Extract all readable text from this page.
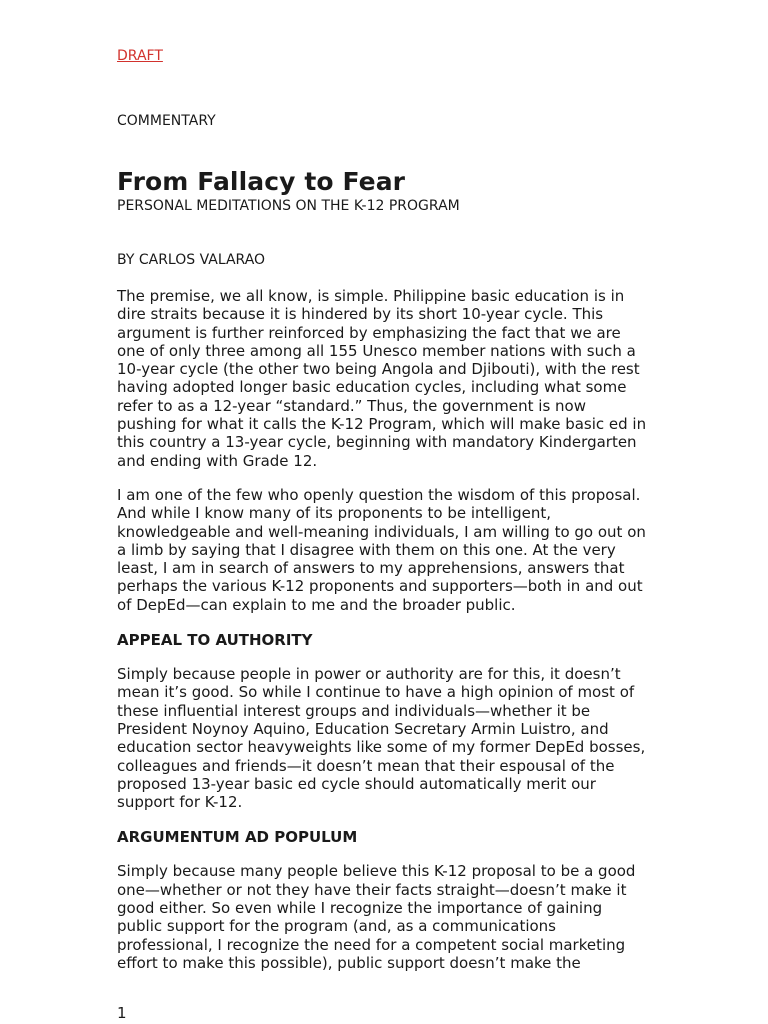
DRAFT
COMMENTARY
From Fallacy to Fear
PERSONAL MEDITATIONS ON THE K-12 PROGRAM
BY CARLOS VALARAO

The premise, we all know, is simple. Philippine basic education is in dire straits because it is hindered by its short 10-year cycle. This argument is further reinforced by emphasizing the fact that we are one of only three among all 155 Unesco member nations with such a 10-year cycle (the other two being Angola and Djibouti), with the rest having adopted longer basic education cycles, including what some refer to as a 12-year “standard.” Thus, the government is now pushing for what it calls the K-12 Program, which will make basic ed in this country a 13-year cycle, beginning with mandatory Kindergarten and ending with Grade 12.

I am one of the few who openly question the wisdom of this proposal. And while I know many of its proponents to be intelligent, knowledgeable and well-meaning individuals, I am willing to go out on a limb by saying that I disagree with them on this one. At the very least, I am in search of answers to my apprehensions, answers that perhaps the various K-12 proponents and supporters—both in and out of DepEd—can explain to me and the broader public.

APPEAL TO AUTHORITY

Simply because people in power or authority are for this, it doesn’t mean it’s good. So while I continue to have a high opinion of most of these influential interest groups and individuals—whether it be President Noynoy Aquino, Education Secretary Armin Luistro, and education sector heavyweights like some of my former DepEd bosses, colleagues and friends—it doesn’t mean that their espousal of the proposed 13-year basic ed cycle should automatically merit our support for K-12.

ARGUMENTUM AD POPULUM

Simply because many people believe this K-12 proposal to be a good one—whether or not they have their facts straight—doesn’t make it good either. So even while I recognize the importance of gaining public support for the program (and, as a communications professional, I recognize the need for a competent social marketing effort to make this possible), public support doesn’t make the

1
